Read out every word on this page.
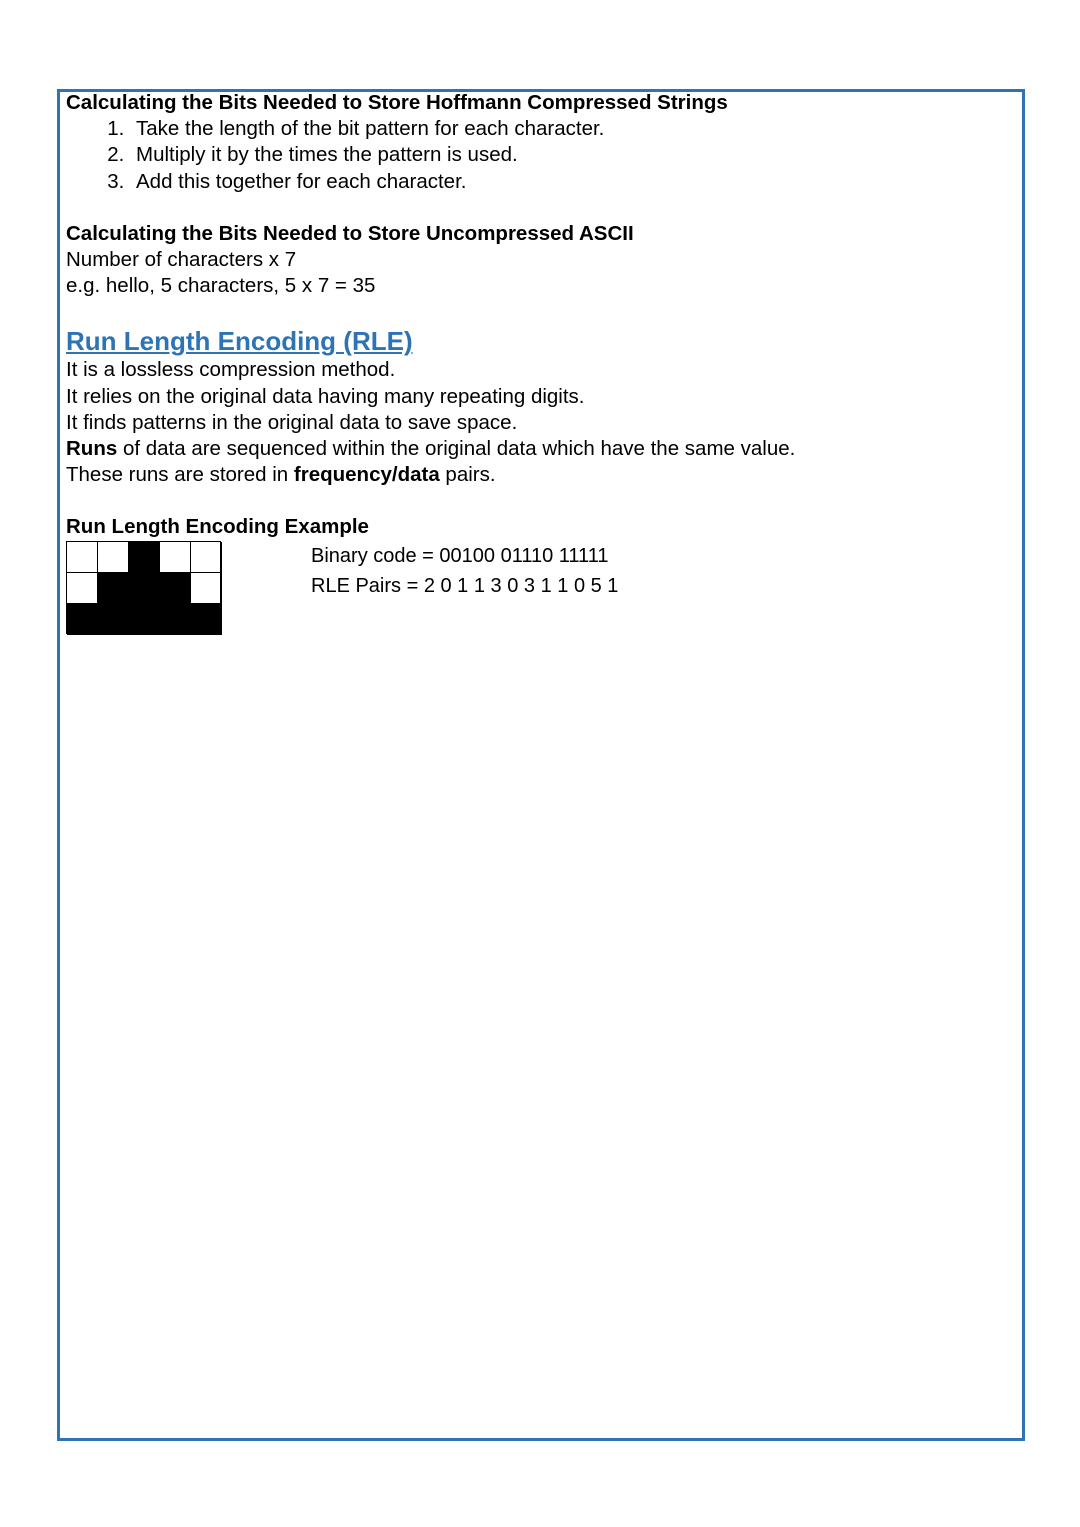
Calculating the Bits Needed to Store Hoffmann Compressed Strings
1. Take the length of the bit pattern for each character.
2. Multiply it by the times the pattern is used.
3. Add this together for each character.
Calculating the Bits Needed to Store Uncompressed ASCII
Number of characters x 7
e.g. hello, 5 characters, 5 x 7 = 35
Run Length Encoding (RLE)
It is a lossless compression method.
It relies on the original data having many repeating digits.
It finds patterns in the original data to save space.
Runs of data are sequenced within the original data which have the same value.
These runs are stored in frequency/data pairs.
Run Length Encoding Example
Binary code = 00100 01110 11111
RLE Pairs = 2 0 1 1 3 0 3 1 1 0 5 1
